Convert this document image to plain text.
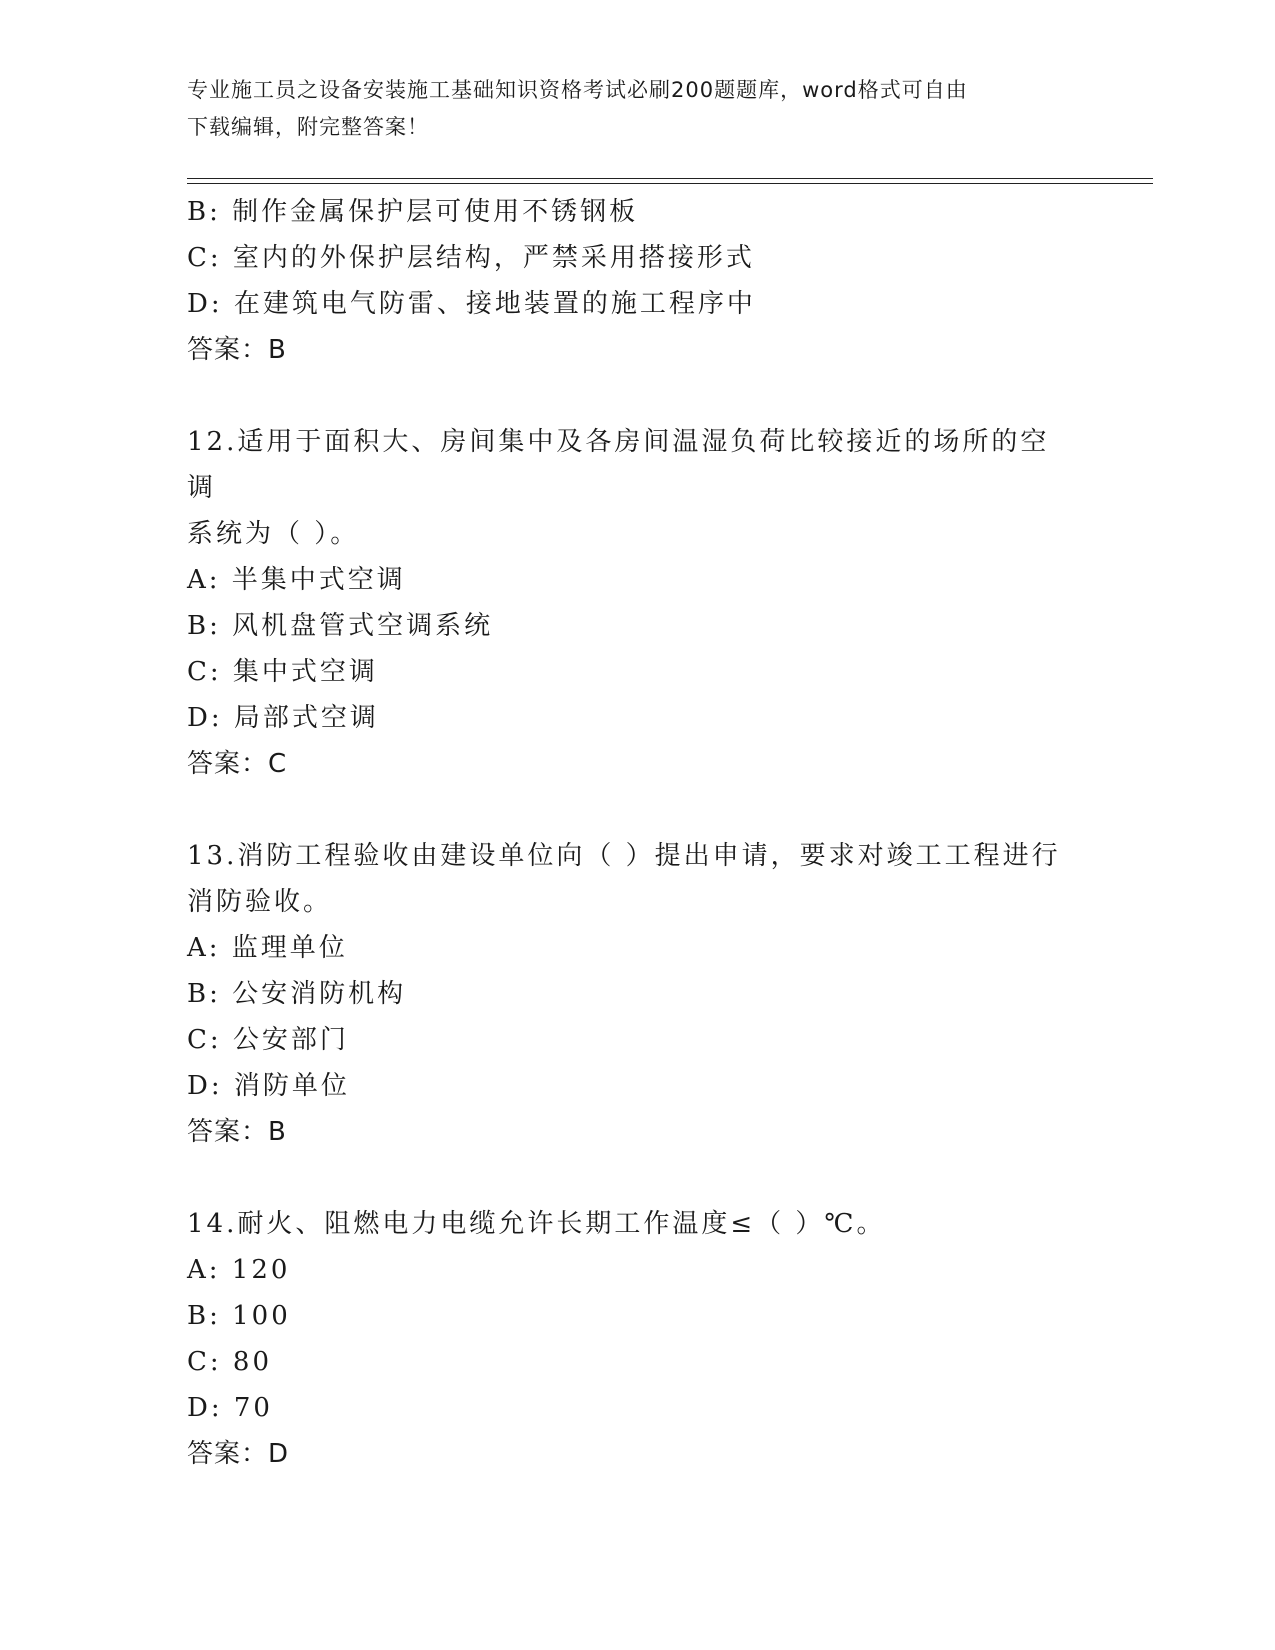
专业施工员之设备安装施工基础知识资格考试必刷200题题库，word格式可自由
下载编辑，附完整答案！
B: 制作金属保护层可使用不锈钢板
C: 室内的外保护层结构，严禁采用搭接形式
D: 在建筑电气防雷、接地装置的施工程序中
答案：B
12.适用于面积大、房间集中及各房间温湿负荷比较接近的场所的空调
系统为（ ）。
A: 半集中式空调
B: 风机盘管式空调系统
C: 集中式空调
D: 局部式空调
答案：C
13.消防工程验收由建设单位向（ ）提出申请，要求对竣工工程进行
消防验收。
A: 监理单位
B: 公安消防机构
C: 公安部门
D: 消防单位
答案：B
14.耐火、阻燃电力电缆允许长期工作温度≤（ ）℃。
A: 120
B: 100
C: 80
D: 70
答案：D
